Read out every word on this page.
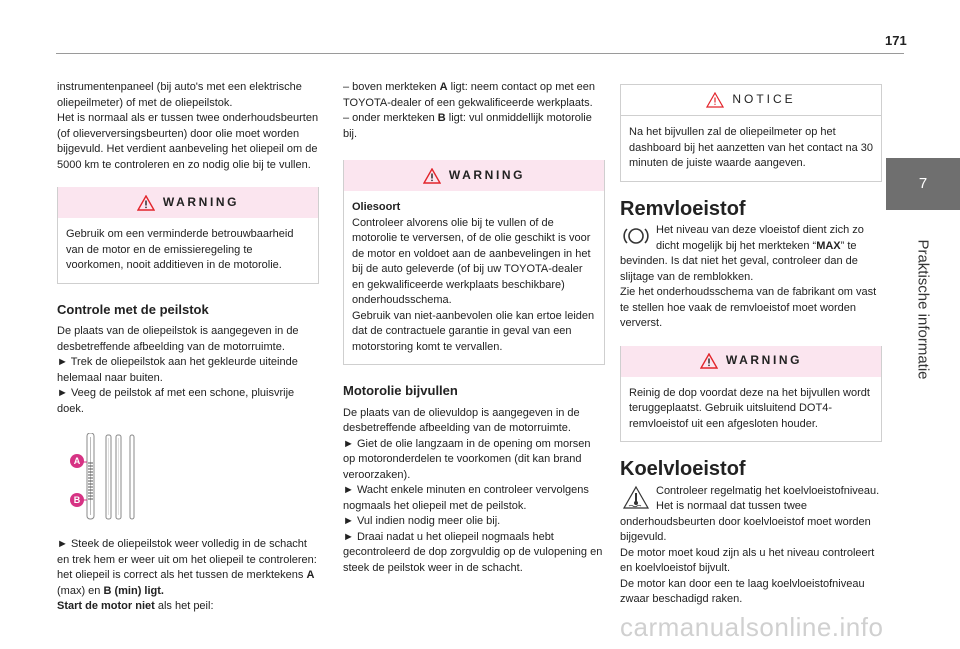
171
7
Praktische informatie

instrumentenpaneel (bij auto's met een elektrische oliepeilmeter) of met de oliepeilstok.

Het is normaal als er tussen twee onderhoudsbeurten (of olieverversingsbeurten) door olie moet worden bijgevuld. Het verdient aanbeveling het oliepeil om de 5000 km te controleren en zo nodig olie bij te vullen.

WARNING
Gebruik om een verminderde betrouwbaarheid van de motor en de emissieregeling te voorkomen, nooit additieven in de motorolie.
Controle met de peilstok

De plaats van de oliepeilstok is aangegeven in de desbetreffende afbeelding van de motorruimte.

► Trek de oliepeilstok aan het gekleurde uiteinde helemaal naar buiten.

► Veeg de peilstok af met een schone, pluisvrije doek.

A
B

► Steek de oliepeilstok weer volledig in de schacht en trek hem er weer uit om het oliepeil te controleren: het oliepeil is correct als het tussen de merktekens A (max) en B (min) ligt.

Start de motor niet als het peil:

– boven merkteken A ligt: neem contact op met een TOYOTA-dealer of een gekwalificeerde werkplaats.

– onder merkteken B ligt: vul onmiddellijk motorolie bij.

WARNING
Oliesoort

Controleer alvorens olie bij te vullen of de motorolie te verversen, of de olie geschikt is voor de motor en voldoet aan de aanbevelingen in het bij de auto geleverde (of bij uw TOYOTA-dealer en gekwalificeerde werkplaats beschikbare) onderhoudsschema.

Gebruik van niet-aanbevolen olie kan ertoe leiden dat de contractuele garantie in geval van een motorstoring komt te vervallen.

Motorolie bijvullen

De plaats van de olievuldop is aangegeven in de desbetreffende afbeelding van de motorruimte.

► Giet de olie langzaam in de opening om morsen op motoronderdelen te voorkomen (dit kan brand veroorzaken).

► Wacht enkele minuten en controleer vervolgens nogmaals het oliepeil met de peilstok.

► Vul indien nodig meer olie bij.

► Draai nadat u het oliepeil nogmaals hebt gecontroleerd de dop zorgvuldig op de vulopening en steek de peilstok weer in de schacht.

NOTICE
Na het bijvullen zal de oliepeilmeter op het dashboard bij het aanzetten van het contact na 30 minuten de juiste waarde aangeven.
Remvloeistof

Het niveau van deze vloeistof dient zich zo dicht mogelijk bij het merkteken “MAX” te bevinden. Is dat niet het geval, controleer dan de slijtage van de remblokken.

Zie het onderhoudsschema van de fabrikant om vast te stellen hoe vaak de remvloeistof moet worden ververst.

WARNING
Reinig de dop voordat deze na het bijvullen wordt teruggeplaatst. Gebruik uitsluitend DOT4-remvloeistof uit een afgesloten houder.
Koelvloeistof

Controleer regelmatig het koelvloeistofniveau.

Het is normaal dat tussen twee onderhoudsbeurten door koelvloeistof moet worden bijgevuld.

De motor moet koud zijn als u het niveau controleert en koelvloeistof bijvult.

De motor kan door een te laag koelvloeistofniveau zwaar beschadigd raken.

carmanualsonline.info
